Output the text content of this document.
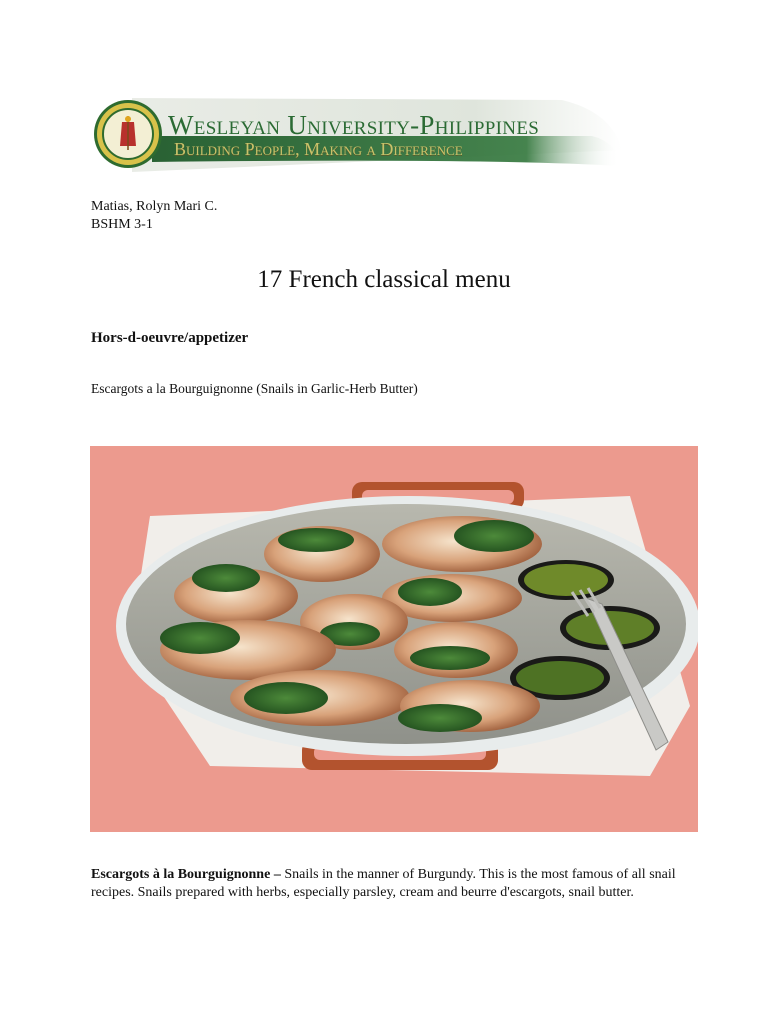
Wesleyan University-Philippines
Building People, Making a Difference
Matias, Rolyn Mari C.
BSHM 3-1
17 French classical menu
Hors-d-oeuvre/appetizer
Escargots a la Bourguignonne (Snails in Garlic-Herb Butter)
Escargots à la Bourguignonne – Snails in the manner of Burgundy. This is the most famous of all snail recipes. Snails prepared with herbs, especially parsley, cream and beurre d'escargots, snail butter.
